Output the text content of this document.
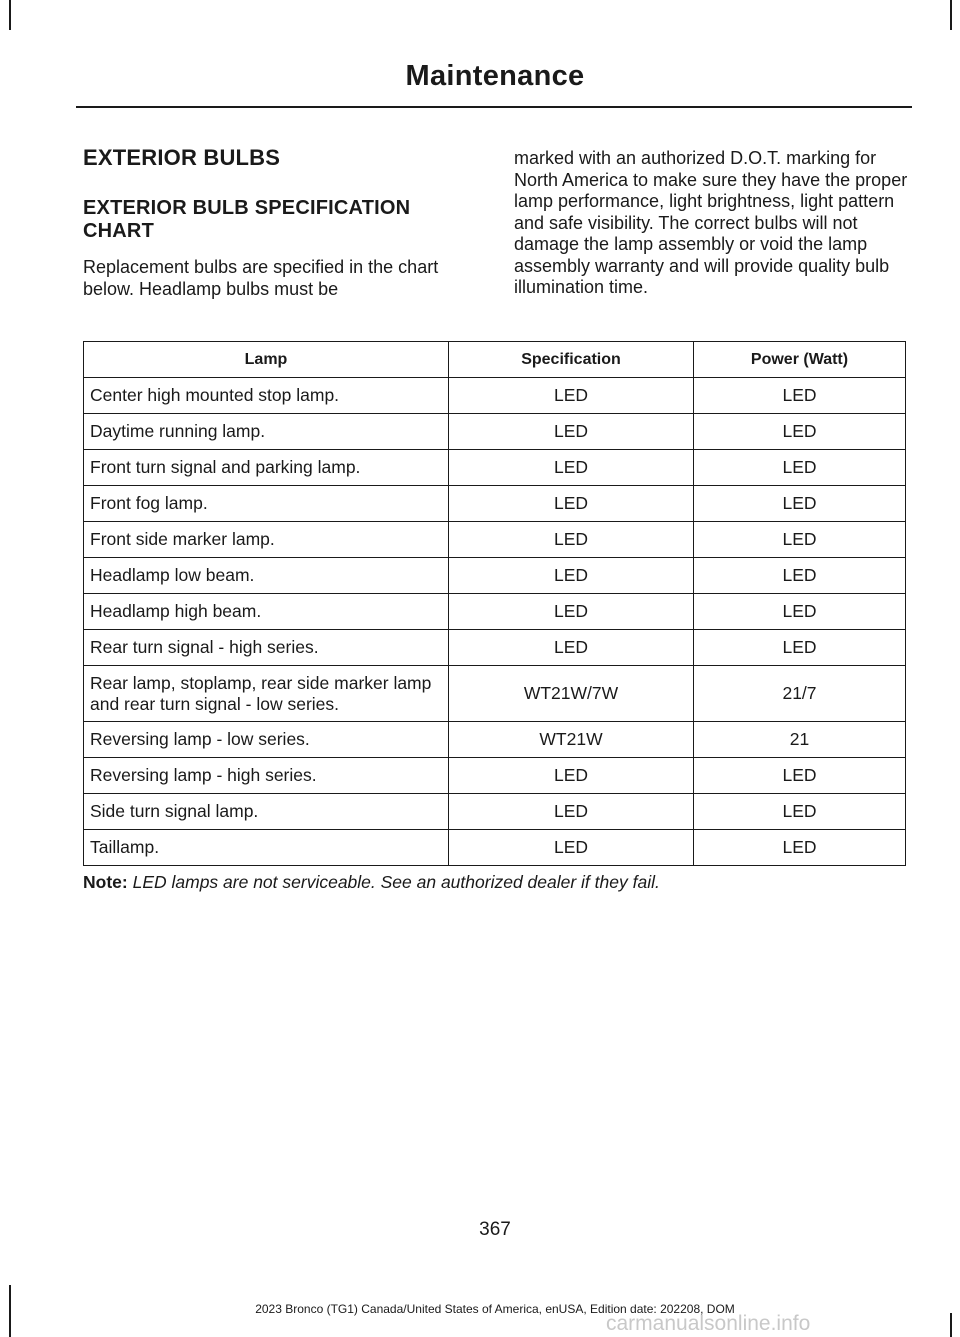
Maintenance
EXTERIOR BULBS
EXTERIOR BULB SPECIFICATION CHART

Replacement bulbs are specified in the chart below. Headlamp bulbs must be

marked with an authorized D.O.T. marking for North America to make sure they have the proper lamp performance, light brightness, light pattern and safe visibility. The correct bulbs will not damage the lamp assembly or void the lamp assembly warranty and will provide quality bulb illumination time.

Lamp	Specification	Power (Watt)
Center high mounted stop lamp.	LED	LED
Daytime running lamp.	LED	LED
Front turn signal and parking lamp.	LED	LED
Front fog lamp.	LED	LED
Front side marker lamp.	LED	LED
Headlamp low beam.	LED	LED
Headlamp high beam.	LED	LED
Rear turn signal - high series.	LED	LED
Rear lamp, stoplamp, rear side marker lamp and rear turn signal - low series.	WT21W/7W	21/7
Reversing lamp - low series.	WT21W	21
Reversing lamp - high series.	LED	LED
Side turn signal lamp.	LED	LED
Taillamp.	LED	LED
Note: LED lamps are not serviceable. See an authorized dealer if they fail.
367
2023 Bronco (TG1) Canada/United States of America, enUSA, Edition date: 202208, DOM
carmanualsonline.info
